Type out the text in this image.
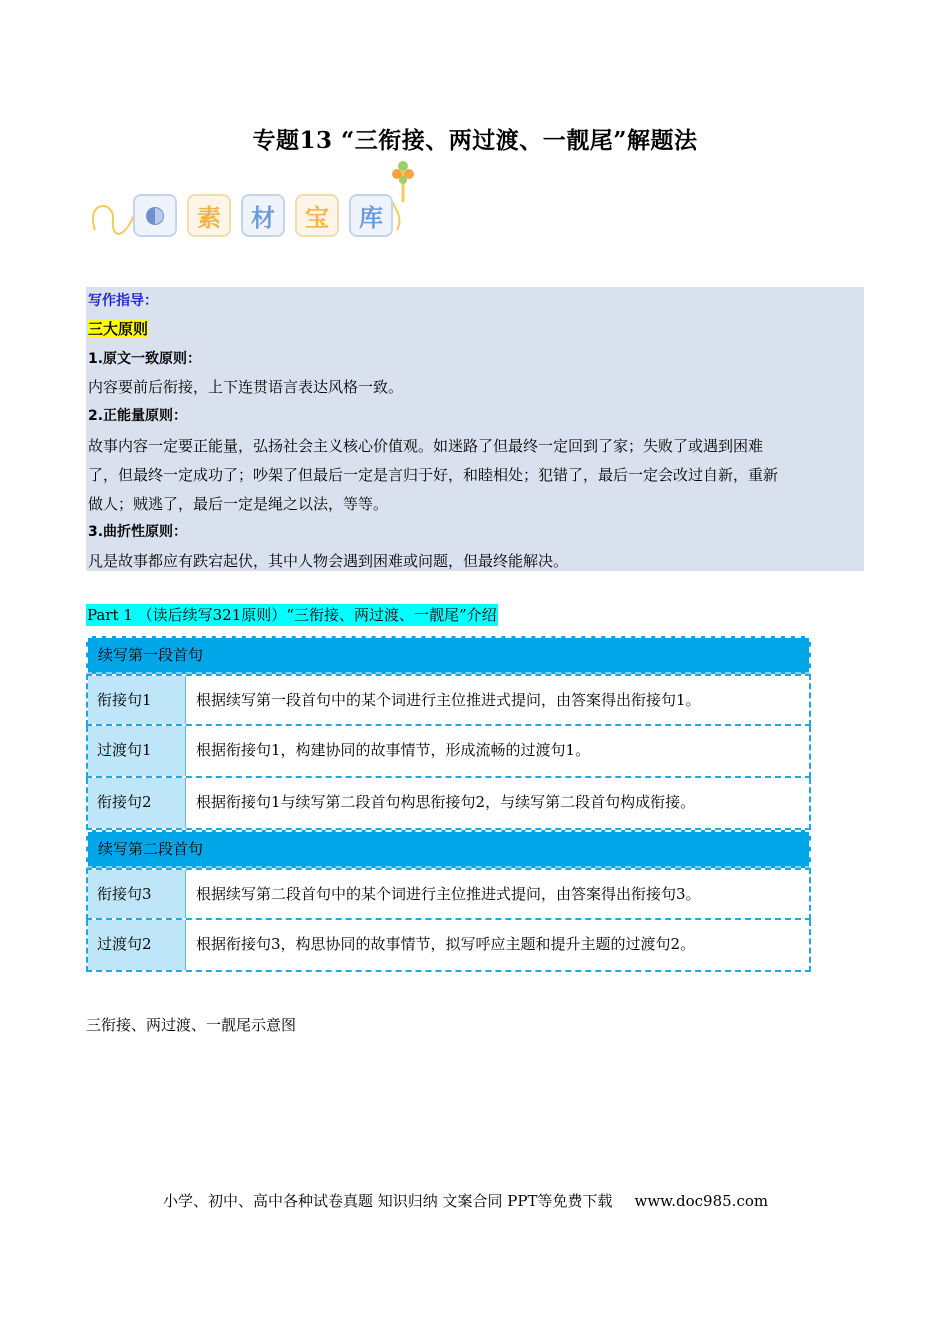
专题13 “三衔接、两过渡、一靓尾”解题法
素	材	宝	库
写作指导：
三大原则
1.原文一致原则：
内容要前后衔接，上下连贯语言表达风格一致。
2.正能量原则：
故事内容一定要正能量，弘扬社会主义核心价值观。如迷路了但最终一定回到了家；失败了或遇到困难
了，但最终一定成功了；吵架了但最后一定是言归于好，和睦相处；犯错了，最后一定会改过自新，重新
做人；贼逃了，最后一定是绳之以法，等等。
3.曲折性原则：
凡是故事都应有跌宕起伏，其中人物会遇到困难或问题，但最终能解决。
Part 1 （读后续写321原则）“三衔接、两过渡、一靓尾”介绍
续写第一段首句
衔接句1	根据续写第一段首句中的某个词进行主位推进式提问，由答案得出衔接句1。
过渡句1	根据衔接句1，构建协同的故事情节，形成流畅的过渡句1。
衔接句2	根据衔接句1与续写第二段首句构思衔接句2，与续写第二段首句构成衔接。
续写第二段首句
衔接句3	根据续写第二段首句中的某个词进行主位推进式提问，由答案得出衔接句3。
过渡句2	根据衔接句3，构思协同的故事情节，拟写呼应主题和提升主题的过渡句2。
三衔接、两过渡、一靓尾示意图
小学、初中、高中各种试卷真题 知识归纳 文案合同 PPT等免费下载 www.doc985.com
